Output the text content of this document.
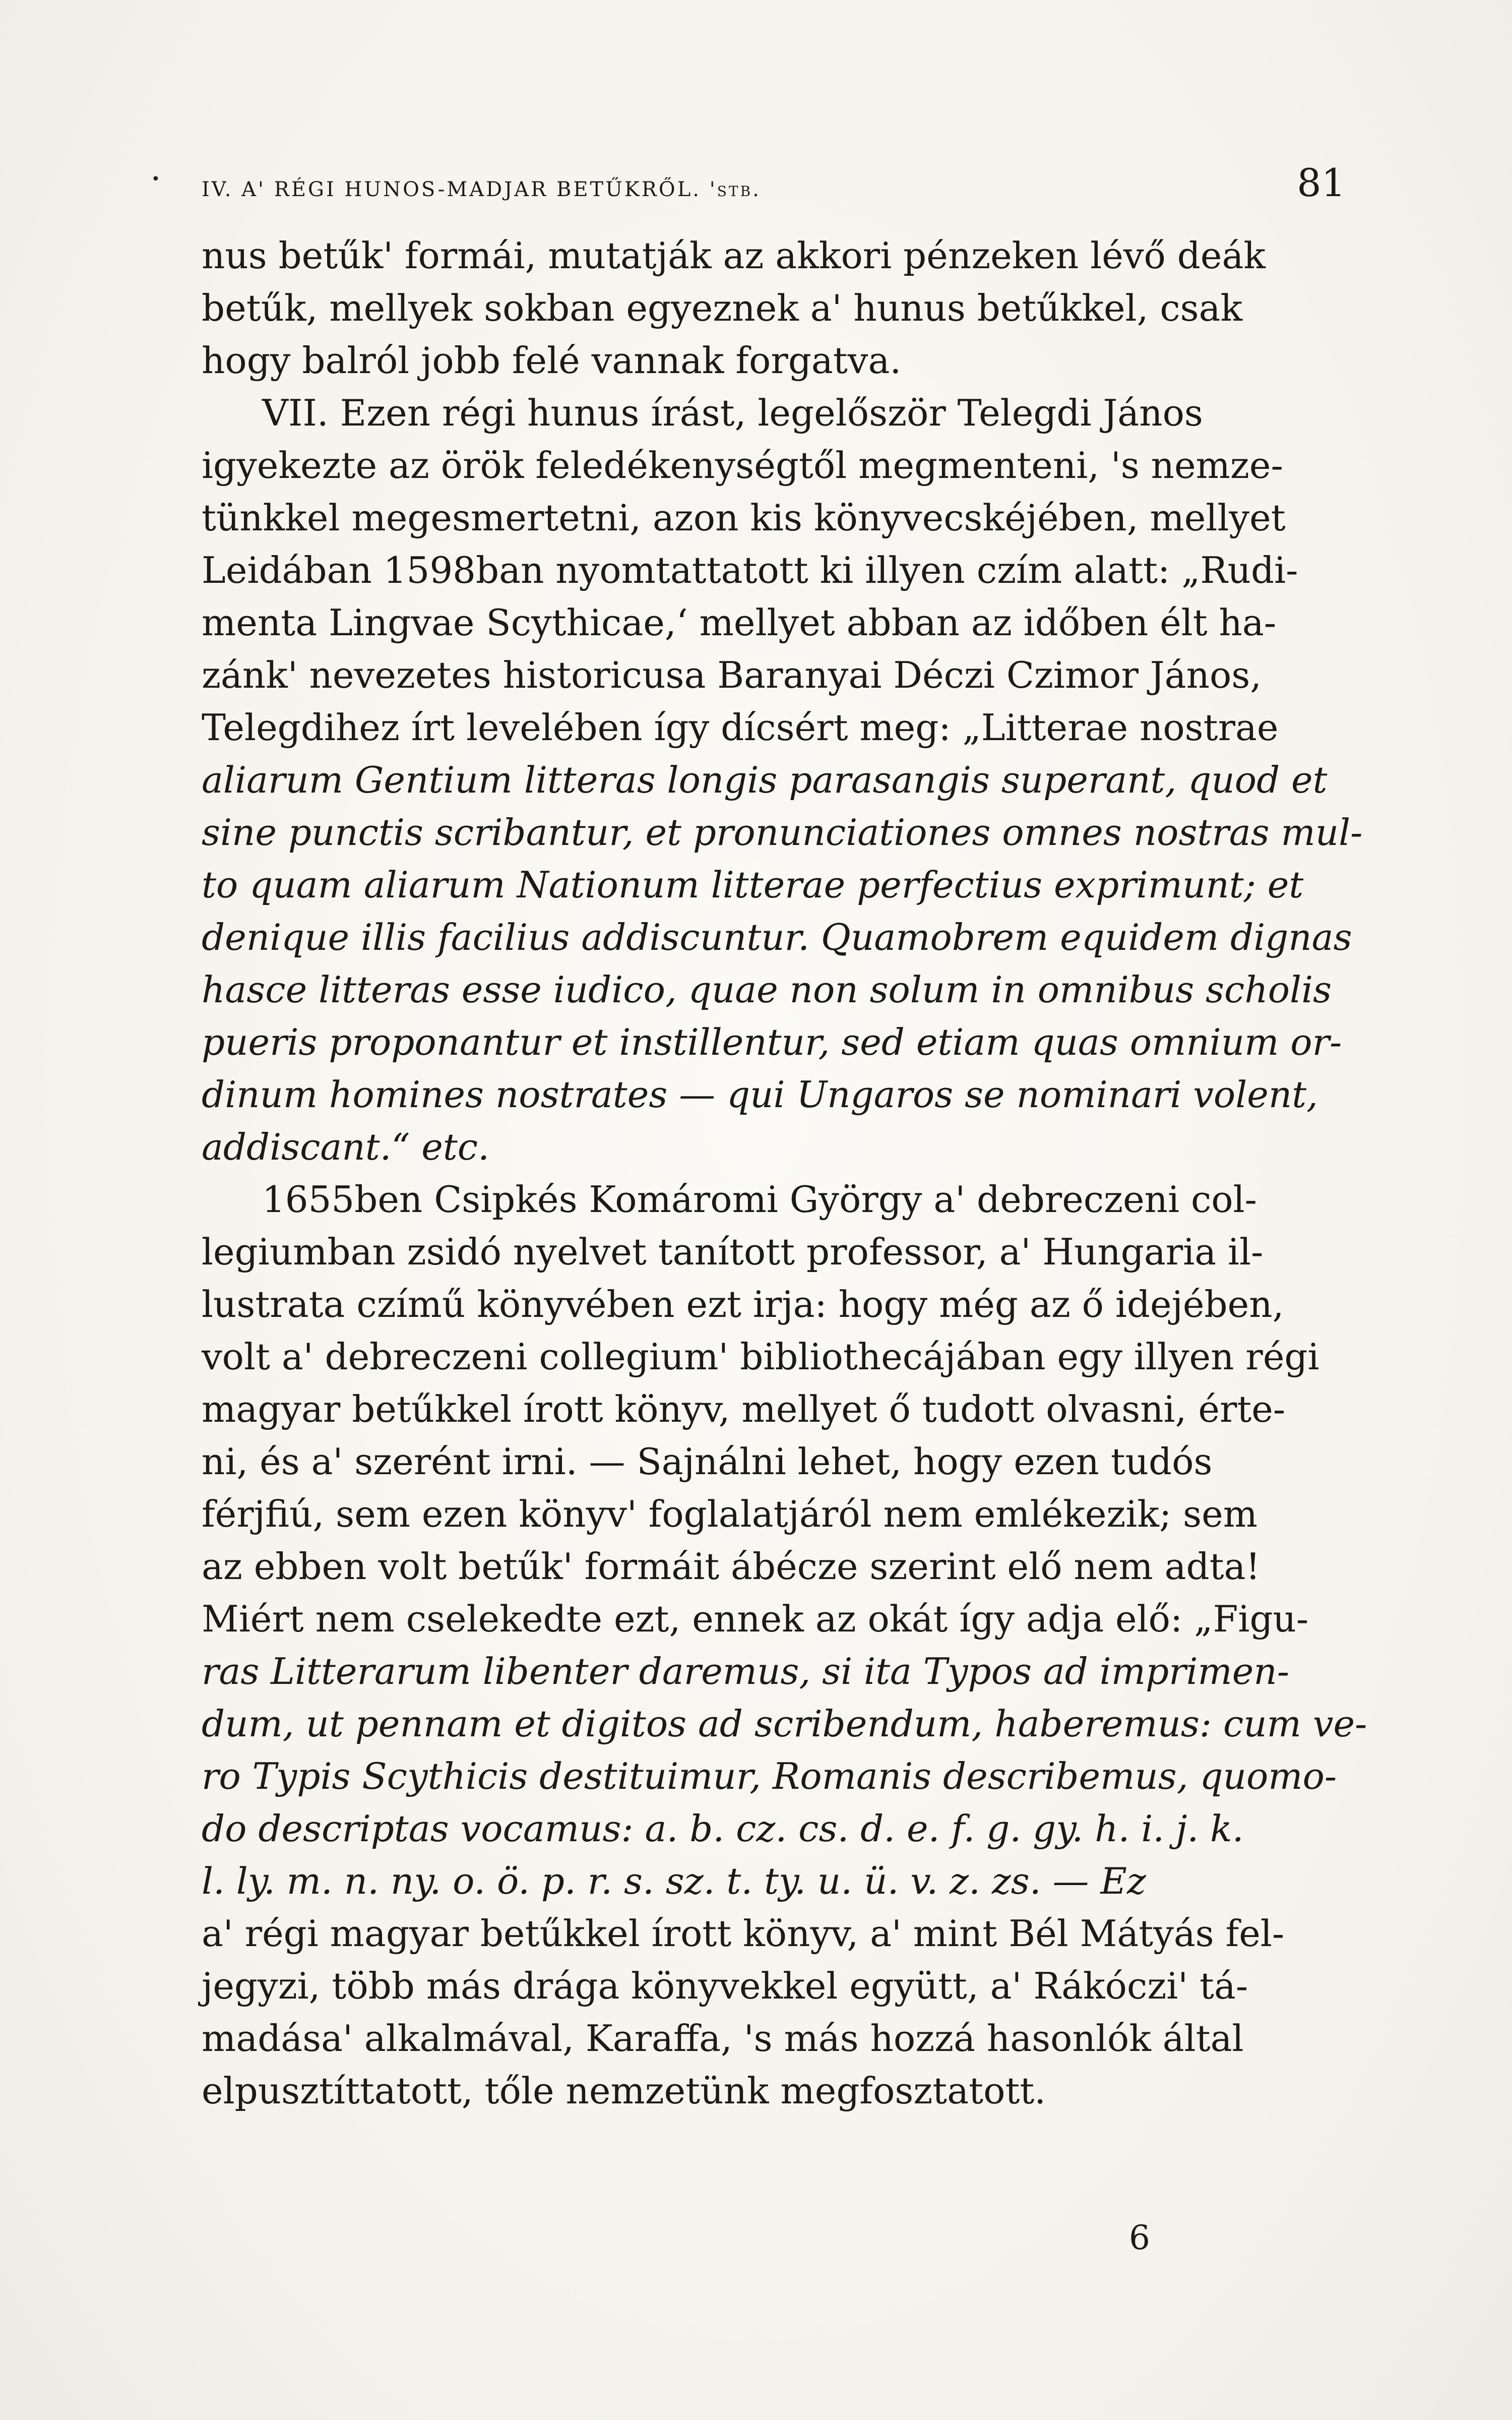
• IV. A' RÉGI HUNOS-MADJAR BETŰKRŐL. 'stb.	81
nus betűk' formái, mutatják az akkori pénzeken lévő deák
betűk, mellyek sokban egyeznek a' hunus betűkkel, csak
hogy balról jobb felé vannak forgatva.
VII. Ezen régi hunus írást, legelőször Telegdi János
igyekezte az örök feledékenységtől megmenteni, 's nemze-
tünkkel megesmertetni, azon kis könyvecskéjében, mellyet
Leidában 1598ban nyomtattatott ki illyen czím alatt: „Rudi-
menta Lingvae Scythicae,‘ mellyet abban az időben élt ha-
zánk' nevezetes historicusa Baranyai Déczi Czimor János,
Telegdihez írt levelében így dícsért meg: „Litterae nostrae
aliarum Gentium litteras longis parasangis superant, quod et
sine punctis scribantur, et pronunciationes omnes nostras mul-
to quam aliarum Nationum litterae perfectius exprimunt; et
denique illis facilius addiscuntur. Quamobrem equidem dignas
hasce litteras esse iudico, quae non solum in omnibus scholis
pueris proponantur et instillentur, sed etiam quas omnium or-
dinum homines nostrates — qui Ungaros se nominari volent,
addiscant.“ etc.
1655ben Csipkés Komáromi György a' debreczeni col-
legiumban zsidó nyelvet tanított professor, a' Hungaria il-
lustrata czímű könyvében ezt irja: hogy még az ő idejében,
volt a' debreczeni collegium' bibliothecájában egy illyen régi
magyar betűkkel írott könyv, mellyet ő tudott olvasni, érte-
ni, és a' szerént irni. — Sajnálni lehet, hogy ezen tudós
férjfiú, sem ezen könyv' foglalatjáról nem emlékezik; sem
az ebben volt betűk' formáit ábécze szerint elő nem adta!
Miért nem cselekedte ezt, ennek az okát így adja elő: „Figu-
ras Litterarum libenter daremus, si ita Typos ad imprimen-
dum, ut pennam et digitos ad scribendum, haberemus: cum ve-
ro Typis Scythicis destituimur, Romanis describemus, quomo-
do descriptas vocamus: a. b. cz. cs. d. e. f. g. gy. h. i. j. k.
l. ly. m. n. ny. o. ö. p. r. s. sz. t. ty. u. ü. v. z. zs. — Ez
a' régi magyar betűkkel írott könyv, a' mint Bél Mátyás fel-
jegyzi, több más drága könyvekkel együtt, a' Rákóczi' tá-
madása' alkalmával, Karaffa, 's más hozzá hasonlók által
elpusztíttatott, tőle nemzetünk megfosztatott.
6
